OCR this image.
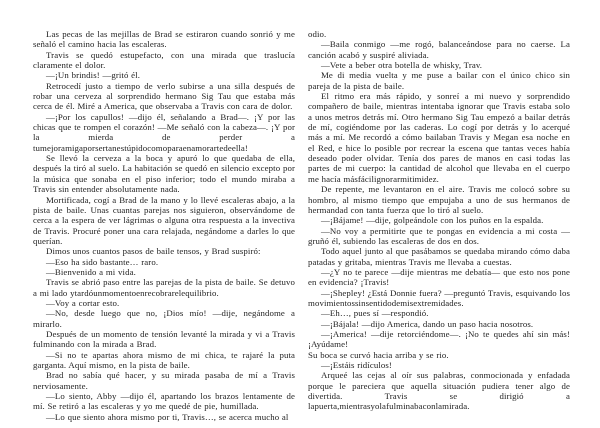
Las pecas de las mejillas de Brad se estiraron cuando sonrió y me señaló el camino hacia las escaleras.

Travis se quedó estupefacto, con una mirada que traslucía claramente el dolor.

—¡Un brindis! —gritó él.

Retrocedí justo a tiempo de verlo subirse a una silla después de robar una cerveza al sorprendido hermano Sig Tau que estaba más cerca de él. Miré a America, que observaba a Travis con cara de dolor.

—¡Por los capullos! —dijo él, señalando a Brad—. ¡Y por las chicas que te rompen el corazón! —Me señaló con la cabeza—. ¡Y por la mierda de perder a tumejoramigaporsertanestúpidocomoparaenamorartedeella!

Se llevó la cerveza a la boca y apuró lo que quedaba de ella, después la tiró al suelo. La habitación se quedó en silencio excepto por la música que sonaba en el piso inferior; todo el mundo miraba a Travis sin entender absolutamente nada.

Mortificada, cogí a Brad de la mano y lo llevé escaleras abajo, a la pista de baile. Unas cuantas parejas nos siguieron, observándome de cerca a la espera de ver lágrimas o alguna otra respuesta a la invectiva de Travis. Procuré poner una cara relajada, negándome a darles lo que querían.

Dimos unos cuantos pasos de baile tensos, y Brad suspiró:

—Eso ha sido bastante… raro.

—Bienvenido a mi vida.

Travis se abrió paso entre las parejas de la pista de baile. Se detuvo a mi lado ytardóunmomentoenrecobrarelequilibrio.

—Voy a cortar esto.

—No, desde luego que no, ¡Dios mío! —dije, negándome a mirarlo.

Después de un momento de tensión levanté la mirada y vi a Travis fulminando con la mirada a Brad.

—Si no te apartas ahora mismo de mi chica, te rajaré la puta garganta. Aquí mismo, en la pista de baile.

Brad no sabía qué hacer, y su mirada pasaba de mí a Travis nerviosamente.

—Lo siento, Abby —dijo él, apartando los brazos lentamente de mí. Se retiró a las escaleras y yo me quedé de pie, humillada.

—Lo que siento ahora mismo por ti, Travis…, se acerca mucho al

odio.

—Baila conmigo —me rogó, balanceándose para no caerse. La canción acabó y suspiré aliviada.

—Vete a beber otra botella de whisky, Trav.

Me di media vuelta y me puse a bailar con el único chico sin pareja de la pista de baile.

El ritmo era más rápido, y sonreí a mi nuevo y sorprendido compañero de baile, mientras intentaba ignorar que Travis estaba solo a unos metros detrás mí. Otro hermano Sig Tau empezó a bailar detrás de mí, cogiéndome por las caderas. Lo cogí por detrás y lo acerqué más a mí. Me recordó a cómo bailaban Travis y Megan esa noche en el Red, e hice lo posible por recrear la escena que tantas veces había deseado poder olvidar. Tenía dos pares de manos en casi todas las partes de mi cuerpo: la cantidad de alcohol que llevaba en el cuerpo me hacía másfácilignorarmitimidez.

De repente, me levantaron en el aire. Travis me colocó sobre su hombro, al mismo tiempo que empujaba a uno de sus hermanos de hermandad con tanta fuerza que lo tiró al suelo.

—¡Bájame! —dije, golpeándole con los puños en la espalda.

—No voy a permitirte que te pongas en evidencia a mi costa —gruñó él, subiendo las escaleras de dos en dos.

Todo aquel junto al que pasábamos se quedaba mirando cómo daba patadas y gritaba, mientras Travis me llevaba a cuestas.

—¿Y no te parece —dije mientras me debatía— que esto nos pone en evidencia? ¡Travis!

—¡Shepley! ¿Está Donnie fuera? —preguntó Travis, esquivando los movimientossinsentidodemisextremidades.

—Eh…, pues sí —respondió.

—¡Bájala! —dijo America, dando un paso hacia nosotros.

—¡America! —dije retorciéndome—. ¡No te quedes ahí sin más! ¡Ayúdame!

Su boca se curvó hacia arriba y se rio.

—¡Estáis ridículos!

Arqueé las cejas al oír sus palabras, conmocionada y enfadada porque le pareciera que aquella situación pudiera tener algo de divertida. Travis se dirigió a lapuerta,mientrasyolafulminabaconlamirada.
